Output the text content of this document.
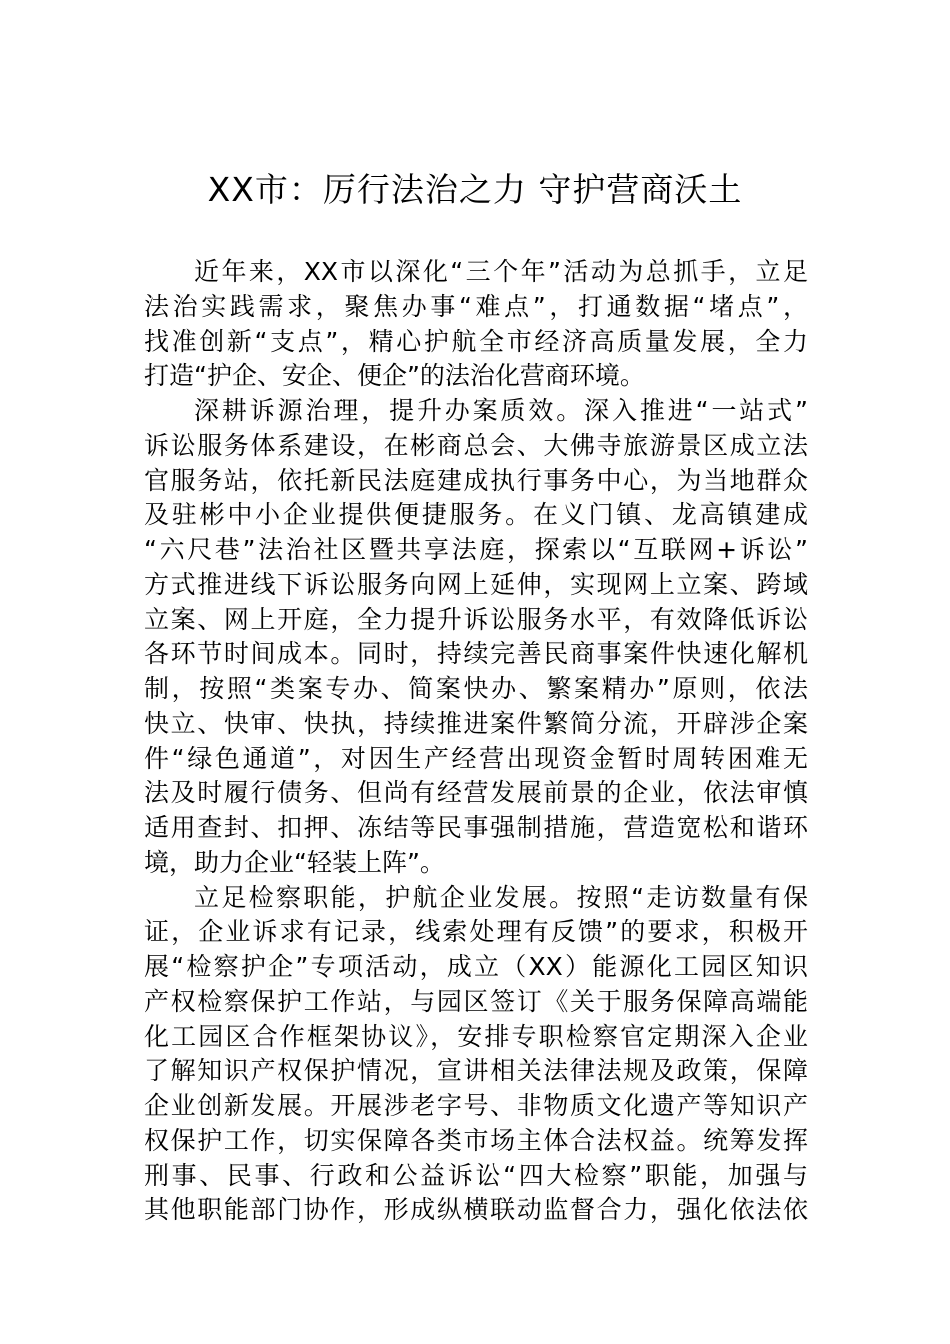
XX市：厉行法治之力 守护营商沃土
近年来，XX市以深化“三个年”活动为总抓手，立足
法治实践需求，聚焦办事“难点”，打通数据“堵点”，
找准创新“支点”，精心护航全市经济高质量发展，全力
打造“护企、安企、便企”的法治化营商环境。
深耕诉源治理，提升办案质效。深入推进“一站式”
诉讼服务体系建设，在彬商总会、大佛寺旅游景区成立法
官服务站，依托新民法庭建成执行事务中心，为当地群众
及驻彬中小企业提供便捷服务。在义门镇、龙高镇建成
“六尺巷”法治社区暨共享法庭，探索以“互联网+诉讼”
方式推进线下诉讼服务向网上延伸，实现网上立案、跨域
立案、网上开庭，全力提升诉讼服务水平，有效降低诉讼
各环节时间成本。同时，持续完善民商事案件快速化解机
制，按照“类案专办、简案快办、繁案精办”原则，依法
快立、快审、快执，持续推进案件繁简分流，开辟涉企案
件“绿色通道”，对因生产经营出现资金暂时周转困难无
法及时履行债务、但尚有经营发展前景的企业，依法审慎
适用查封、扣押、冻结等民事强制措施，营造宽松和谐环
境，助力企业“轻装上阵”。
立足检察职能，护航企业发展。按照“走访数量有保
证，企业诉求有记录，线索处理有反馈”的要求，积极开
展“检察护企”专项活动，成立（XX）能源化工园区知识
产权检察保护工作站，与园区签订《关于服务保障高端能
化工园区合作框架协议》，安排专职检察官定期深入企业
了解知识产权保护情况，宣讲相关法律法规及政策，保障
企业创新发展。开展涉老字号、非物质文化遗产等知识产
权保护工作，切实保障各类市场主体合法权益。统筹发挥
刑事、民事、行政和公益诉讼“四大检察”职能，加强与
其他职能部门协作，形成纵横联动监督合力，强化依法依
